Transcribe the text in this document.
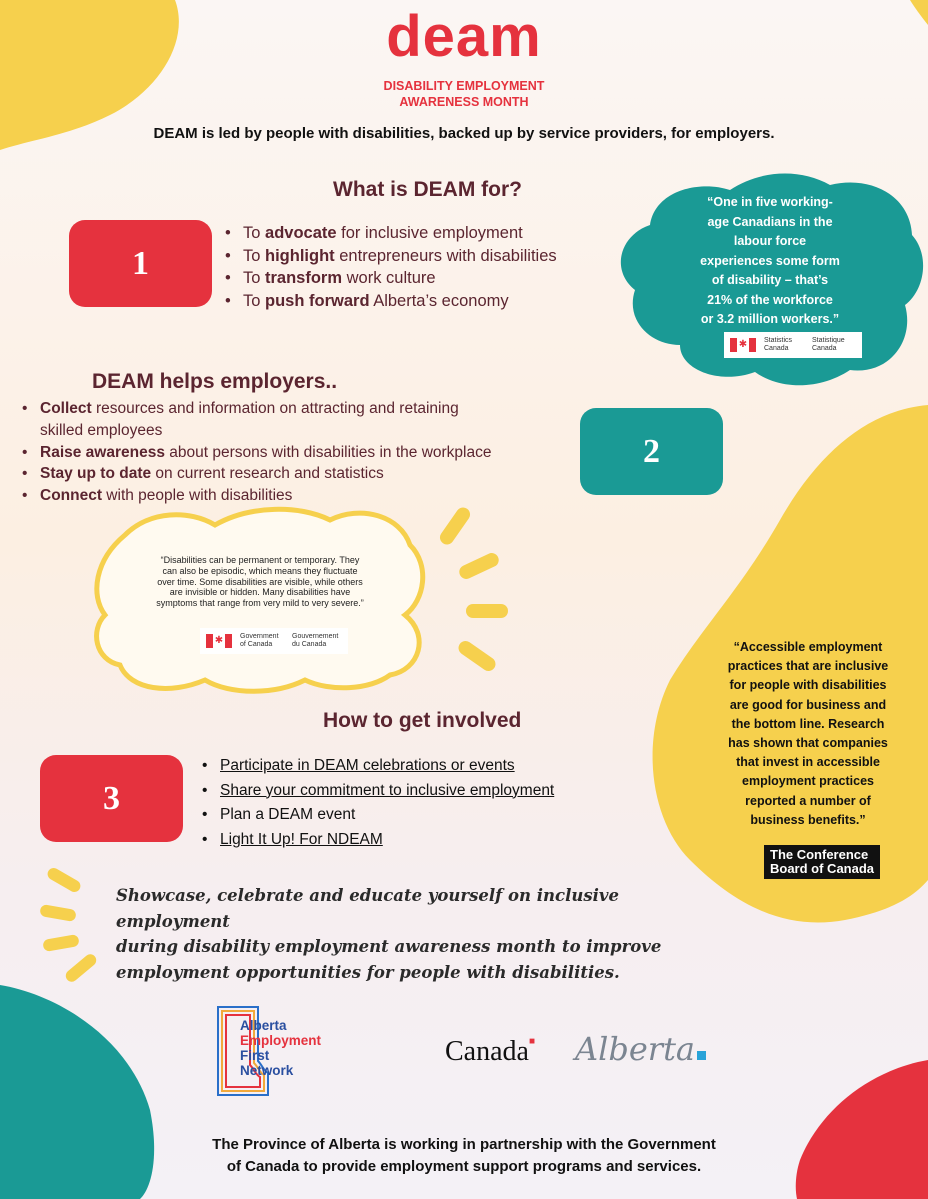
deam
DISABILITY EMPLOYMENT
AWARENESS MONTH
DEAM is led by people with disabilities, backed up by service providers, for employers.
What is DEAM for?
1
• To advocate for inclusive employment
• To highlight entrepreneurs with disabilities
• To transform work culture
• To push forward Alberta’s economy
“One in five working-
age Canadians in the
labour force
experiences some form
of disability – that’s
21% of the workforce
or 3.2 million workers.”
✱ Statistics Canada
Statistique Canada
DEAM helps employers..
• Collect resources and information on attracting and retaining
skilled employees
• Raise awareness about persons with disabilities in the workplace
• Stay up to date on current research and statistics
• Connect with people with disabilities
2
“Disabilities can be permanent or temporary. They
can also be episodic, which means they fluctuate
over time. Some disabilities are visible, while others
are invisible or hidden. Many disabilities have
symptoms that range from very mild to very severe.”
✱ Government of Canada
Gouvernement du Canada	“Accessible employment
practices that are inclusive
for people with disabilities
are good for business and
the bottom line. Research
has shown that companies
that invest in accessible
employment practices
reported a number of
business benefits.”
The Conference
Board of Canada
How to get involved
3
• Participate in DEAM celebrations or events
• Share your commitment to inclusive employment
• Plan a DEAM event
• Light It Up! For NDEAM
Showcase, celebrate and educate yourself on inclusive employment
during disability employment awareness month to improve
employment opportunities for people with disabilities.
Alberta
Employment
First
Network
Canada■ Alberta
The Province of Alberta is working in partnership with the Government
of Canada to provide employment support programs and services.
